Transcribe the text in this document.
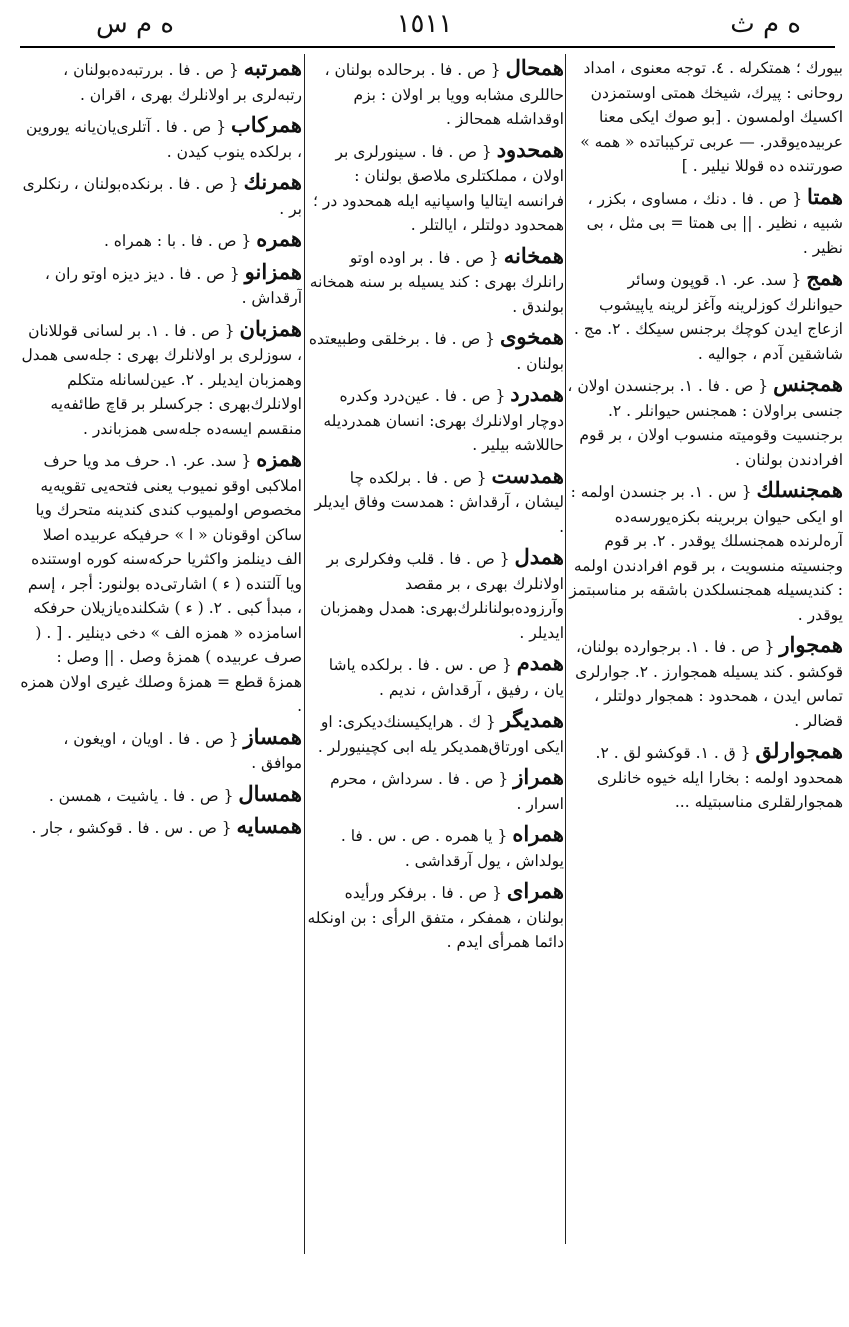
ه م ث
١٥١١
ه م س
بیورك ؛ همتكرلە . ٤. توجه معنوی ، امداد روحانی : پیرك، شیخك همتی اوستمزدن اکسیك اولمسون . [بو صوك ایکی معنا عربیده‌یوقدر. — عربی ترکیباتده « همه » صورتنده ده قوللا نیلیر . ]
همتا { ص . فا . دنك ، مساوی ، بکزر ، شبیه ، نظیر . || بی همتا = بی مثل ، بی نظیر .
همج { سد. عر. ١. قوپون وسائر حیوانلرك کوزلرینه وآغز لرینه یاپیشوب ازعاج ایدن کوچك برجنس سیکك . ٢. مج . شاشقین آدم ، جوالیه .
همجنس { ص . فا . ١. برجنسدن اولان ، جنسی براولان : همجنس حیوانلر . ٢. برجنسیت وقومیته منسوب اولان ، بر قوم افرادندن بولنان .
همجنسلك { س . ١. بر جنسدن اولمه : او ایکی حیوان بربرینه بکزه‌یورسه‌ده آره‌لرنده همجنسلك یوقدر . ٢. بر قوم وجنسیته منسویت ، بر قوم افرادندن اولمه : کندیسیله همجنسلکدن باشقه بر مناسبتمز یوقدر .
همجوار { ص . فا . ١. برجوارده بولنان، قوکشو . کند یسیله همجوارز . ٢. جوارلری تماس ایدن ، همحدود : همجوار دولتلر ، قضالر .
همجوارلق { ق . ١. قوکشو لق . ٢. همحدود اولمه : بخارا ایله خیوه خانلری همجوارلقلری مناسبتیله ...
همحال { ص . فا . برحالده بولنان ، حاللری مشابه وویا بر اولان : بزم اوقداشله همحالز .
همحدود { ص . فا . سینورلری بر اولان ، مملکتلری ملاصق بولنان : فرانسه ایتالیا واسپانیه ایله همحدود در ؛ همحدود دولتلر ، ایالتلر .
همخانه { ص . فا . بر اوده اوتو رانلرك بهری : کند یسیله بر سنه همخانه بولندق .
همخوی { ص . فا . برخلقی وطبیعتده بولنان .
همدرد { ص . فا . عین‌درد وکدره دوچار اولانلرك بهری: انسان همدردیله حاللاشه بیلیر .
همدست { ص . فا . برلکده چا لیشان ، آرقداش : همدست وفاق ایدیلر .
همدل { ص . فا . قلب وفکرلری بر اولانلرك بهری ، بر مقصد وآرزوده‌بولنانلرك‌بهری: همدل وهمزبان ایدیلر .
همدم { ص . س . فا . برلکده یاشا یان ، رفیق ، آرقداش ، ندیم .
همدیگر { ك . هرایکیسنك‌دیکری: او ایکی اورتاق‌همدیکر یله ابی کچینیورلر .
همراز { ص . فا . سرداش ، محرم اسرار .
همراه { یا همره . ص . س . فا . یولداش ، یول آرقداشی .
همرای { ص . فا . برفکر ورأیده بولنان ، همفکر ، متفق الرأی : بن اونکله دائما همرأی ایدم .
همرتبه { ص . فا . بررتبه‌ده‌بولنان ، رتبه‌لری بر اولانلرك بهری ، اقران .
همرکاب { ص . فا . آتلری‌یان‌یانه یوروین ، برلکده ینوب کیدن .
همرنك { ص . فا . برنکده‌بولنان ، رنکلری بر .
همره { ص . فا . با : همراه .
همزانو { ص . فا . دیز دیزه اوتو ران ، آرقداش .
همزبان { ص . فا . ١. بر لسانی قوللانان ، سوزلری بر اولانلرك بهری : جله‌سی همدل وهمزبان ایدیلر . ٢. عین‌لسانله متکلم اولانلرك‌بهری : جرکسلر بر قاچ طائفه‌یه منقسم ایسه‌ده جله‌سی همزباندر .
همزه { سد. عر. ١. حرف مد ویا حرف املاکبی اوقو نمیوب یعنی فتحه‌یی تقویه‌یه مخصوص اولمیوب کندی کندینه متحرك ویا ساکن اوقونان « ا » حرفیکه عربیده اصلا الف دینلمز واکثریا حرکه‌سنه کوره اوستنده ویا آلتنده ( ء ) اشارتی‌ده بولنور: أجر ، إسم ، مبدأ کبی . ٢. ( ء ) شکلنده‌یازیلان حرفکه اسامزده « همزه الف » دخی دینلیر . [ . ( صرف عربیده ) همزهٔ وصل . || وصل : همزهٔ قطع = همزهٔ وصلك غیری اولان همزه .
همساز { ص . فا . اویان ، اویغون ، موافق .
همسال { ص . فا . یاشیت ، همسن .
همسایه { ص . س . فا . قوکشو ، جار .
